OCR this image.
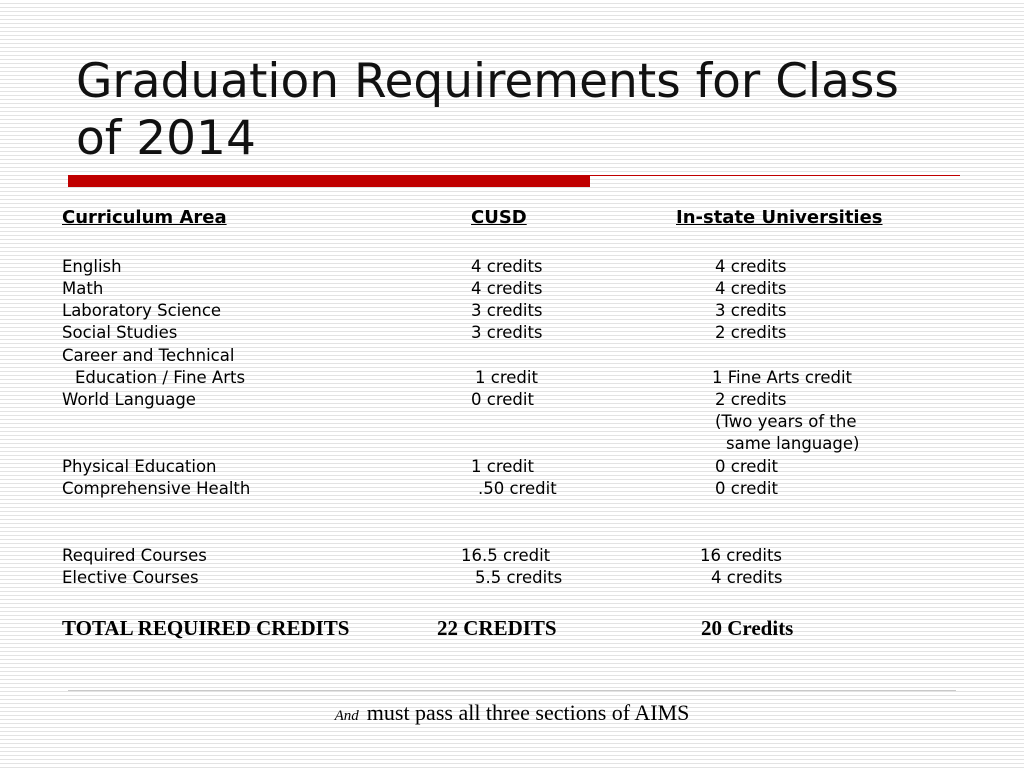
Graduation Requirements for Class
of 2014
Curriculum Area	CUSD	In-state Universities
English	4 credits	4 credits
Math	4 credits	4 credits
Laboratory Science	3 credits	3 credits
Social Studies	3 credits	2 credits
Career and Technical
Education / Fine Arts	1 credit	1 Fine Arts credit
World Language	0 credit	2 credits
(Two years of the
same language)
Physical Education	1 credit	0 credit
Comprehensive Health	.50 credit	0 credit
Required Courses	16.5 credit	16 credits
Elective Courses	5.5 credits	4 credits
TOTAL REQUIRED CREDITS	22 CREDITS	20 Credits
And must pass all three sections of AIMS
